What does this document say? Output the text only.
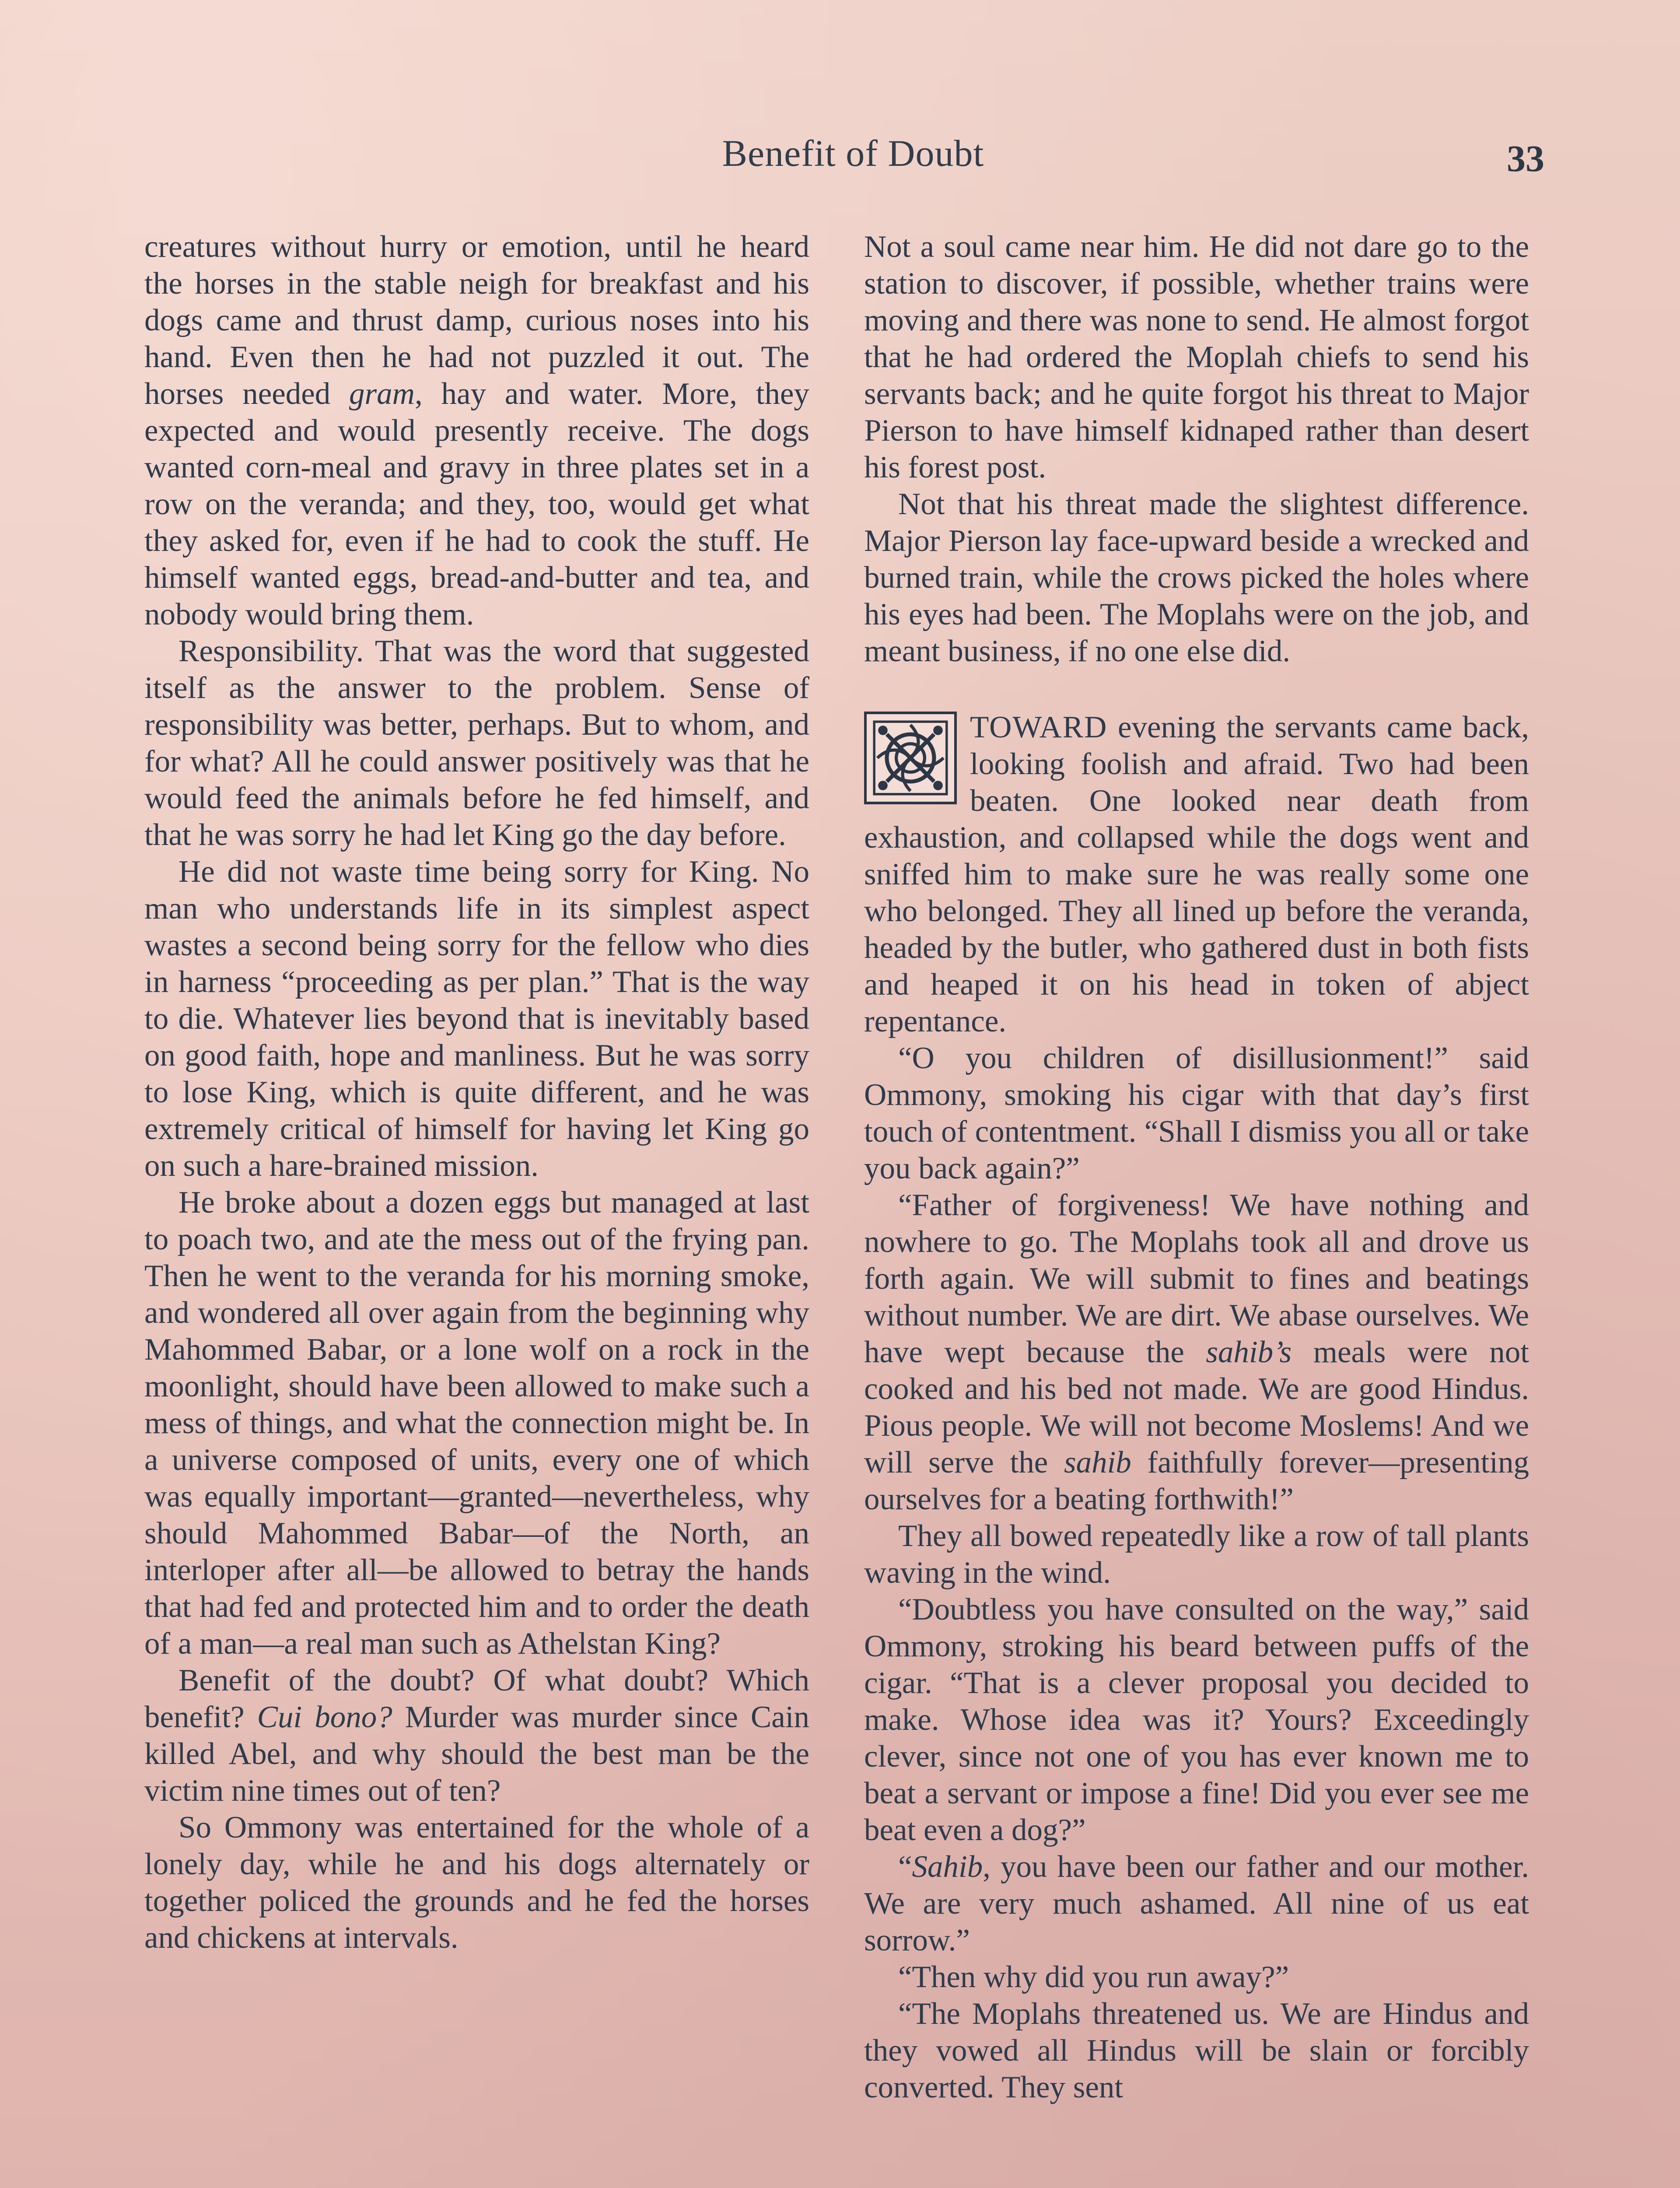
Benefit of Doubt	33

creatures without hurry or emotion, until he heard the horses in the stable neigh for breakfast and his dogs came and thrust damp, curious noses into his hand. Even then he had not puzzled it out. The horses needed gram, hay and water. More, they expected and would presently receive. The dogs wanted corn-meal and gravy in three plates set in a row on the veranda; and they, too, would get what they asked for, even if he had to cook the stuff. He himself wanted eggs, bread-and-butter and tea, and nobody would bring them.

Responsibility. That was the word that suggested itself as the answer to the problem. Sense of responsibility was better, perhaps. But to whom, and for what? All he could answer positively was that he would feed the animals before he fed himself, and that he was sorry he had let King go the day before.

He did not waste time being sorry for King. No man who understands life in its simplest aspect wastes a second being sorry for the fellow who dies in harness “proceeding as per plan.” That is the way to die. Whatever lies beyond that is inevitably based on good faith, hope and manliness. But he was sorry to lose King, which is quite different, and he was extremely critical of himself for having let King go on such a hare-brained mission.

He broke about a dozen eggs but managed at last to poach two, and ate the mess out of the frying pan. Then he went to the veranda for his morning smoke, and wondered all over again from the beginning why Mahommed Babar, or a lone wolf on a rock in the moonlight, should have been allowed to make such a mess of things, and what the connection might be. In a universe composed of units, every one of which was equally important—granted—nevertheless, why should Mahommed Babar—of the North, an interloper after all—be allowed to betray the hands that had fed and protected him and to order the death of a man—a real man such as Athelstan King?

Benefit of the doubt? Of what doubt? Which benefit? Cui bono? Murder was murder since Cain killed Abel, and why should the best man be the victim nine times out of ten?

So Ommony was entertained for the whole of a lonely day, while he and his dogs alternately or together policed the grounds and he fed the horses and chickens at intervals.

Not a soul came near him. He did not dare go to the station to discover, if possible, whether trains were moving and there was none to send. He almost forgot that he had ordered the Moplah chiefs to send his servants back; and he quite forgot his threat to Major Pierson to have himself kidnaped rather than desert his forest post.

Not that his threat made the slightest difference. Major Pierson lay face-upward beside a wrecked and burned train, while the crows picked the holes where his eyes had been. The Moplahs were on the job, and meant business, if no one else did.

TOWARD evening the servants came back, looking foolish and afraid. Two had been beaten. One looked near death from exhaustion, and collapsed while the dogs went and sniffed him to make sure he was really some one who belonged. They all lined up before the veranda, headed by the butler, who gathered dust in both fists and heaped it on his head in token of abject repentance.

“O you children of disillusionment!” said Ommony, smoking his cigar with that day’s first touch of contentment. “Shall I dismiss you all or take you back again?”

“Father of forgiveness! We have nothing and nowhere to go. The Moplahs took all and drove us forth again. We will submit to fines and beatings without number. We are dirt. We abase ourselves. We have wept because the sahib’s meals were not cooked and his bed not made. We are good Hindus. Pious people. We will not become Moslems! And we will serve the sahib faithfully forever—presenting ourselves for a beating forthwith!”

They all bowed repeatedly like a row of tall plants waving in the wind.

“Doubtless you have consulted on the way,” said Ommony, stroking his beard between puffs of the cigar. “That is a clever proposal you decided to make. Whose idea was it? Yours? Exceedingly clever, since not one of you has ever known me to beat a servant or impose a fine! Did you ever see me beat even a dog?”

“Sahib, you have been our father and our mother. We are very much ashamed. All nine of us eat sorrow.”

“Then why did you run away?”

“The Moplahs threatened us. We are Hindus and they vowed all Hindus will be slain or forcibly converted. They sent
